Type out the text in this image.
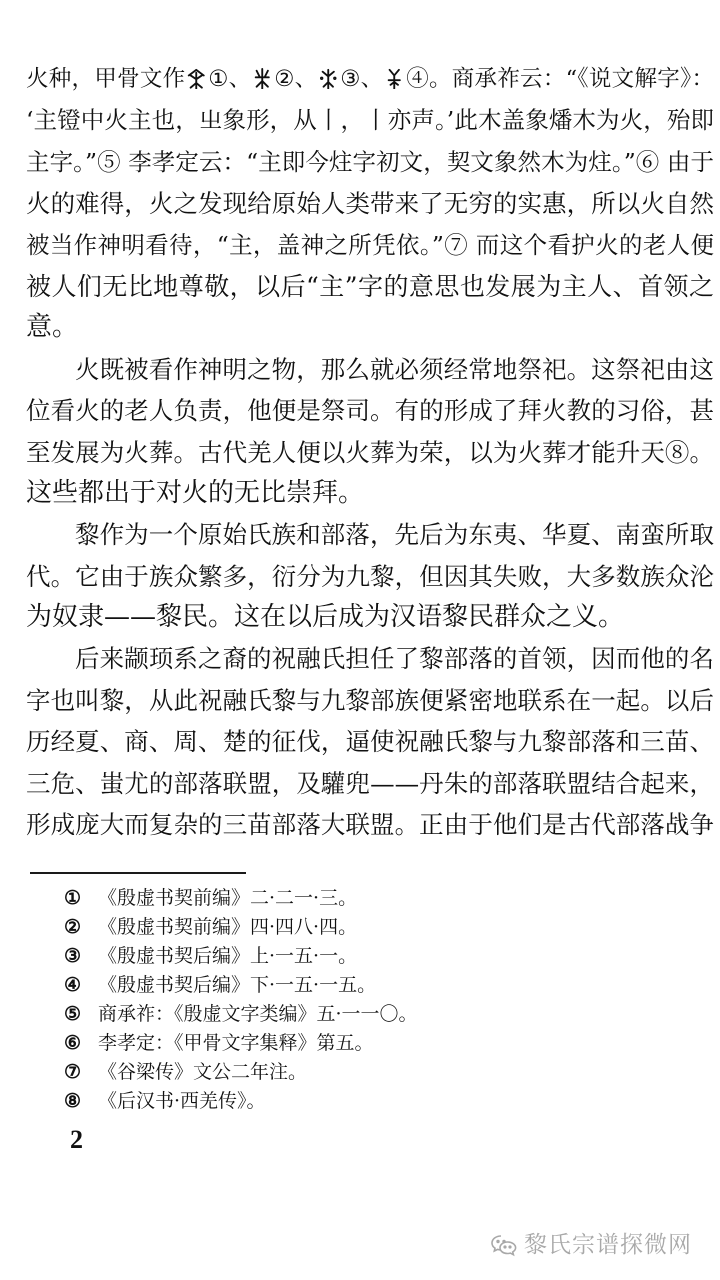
火种，甲骨文作 ①、 ②、 ③、 ④。商承祚云：“《说文解字》：
‘主镫中火主也，㞢象形，从丨，丨亦声。’此木盖象燔木为火，殆即
主字。”⑤ 李孝定云：“主即今炷字初文，契文象然木为炷。”⑥ 由于
火的难得，火之发现给原始人类带来了无穷的实惠，所以火自然
被当作神明看待，“主，盖神之所凭依。”⑦ 而这个看护火的老人便
被人们无比地尊敬，以后“主”字的意思也发展为主人、首领之
意。
火既被看作神明之物，那么就必须经常地祭祀。这祭祀由这
位看火的老人负责，他便是祭司。有的形成了拜火教的习俗，甚
至发展为火葬。古代羌人便以火葬为荣，以为火葬才能升天⑧。
这些都出于对火的无比崇拜。
黎作为一个原始氏族和部落，先后为东夷、华夏、南蛮所取
代。它由于族众繁多，衍分为九黎，但因其失败，大多数族众沦
为奴隶——黎民。这在以后成为汉语黎民群众之义。
后来颛顼系之裔的祝融氏担任了黎部落的首领，因而他的名
字也叫黎，从此祝融氏黎与九黎部族便紧密地联系在一起。以后
历经夏、商、周、楚的征伐，逼使祝融氏黎与九黎部落和三苗、
三危、蚩尤的部落联盟，及驩兜——丹朱的部落联盟结合起来，
形成庞大而复杂的三苗部落大联盟。正由于他们是古代部落战争
① 《殷虚书契前编》二·二一·三。
② 《殷虚书契前编》四·四八·四。
③ 《殷虚书契后编》上·一五·一。
④ 《殷虚书契后编》下·一五·一五。
⑤ 商承祚：《殷虚文字类编》五·一一〇。
⑥ 李孝定：《甲骨文字集释》第五。
⑦ 《谷梁传》文公二年注。
⑧ 《后汉书·西羌传》。
2
黎氏宗谱探微网
